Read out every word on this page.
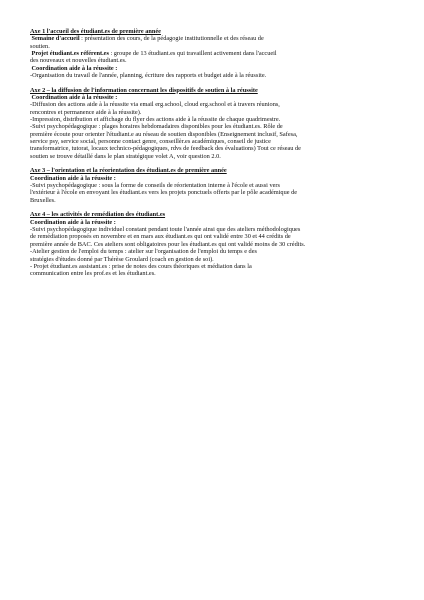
Axe 1 l'accueil des étudiant.es de première année
Semaine d'accueil : présentation des cours, de la pédagogie institutionnelle et des réseau de
soutien.
Projet étudiant.es référent.es : groupe de 13 étudiant.es qui travaillent activement dans l'accueil
des nouveaux et nouvelles étudiant.es.
Coordination aide à la réussite :
-Organisation du travail de l'année, planning, écriture des rapports et budget aide à la réussite.
Axe 2 – la diffusion de l'information concernant les dispositifs de soutien à la réussite
Coordination aide à la réussite :
-Diffusion des actions aide à la réussite via email erg.school, cloud erg.school et à travers réunions,
rencontres et permanence aide à la réussite).
-Impression, distribution et affichage du flyer des actions aide à la réussite de chaque quadrimestre.
-Suivi psychopédagogique : plages horaires hebdomadaires disponibles pour les étudiant.es. Rôle de
première écoute pour orienter l'étudiant.e au réseau de soutien disponibles (Enseignement inclusif, Safesa,
service psy, service social, personne contact genre, conseillèr.es académiques, conseil de justice
transformatrice, tutorat, locaux technico-pédagogiques, rdvs de feedback des évaluations) Tout ce réseau de
soutien se trouve détaillé dans le plan stratégique volet A, voir question 2.0.
Axe 3 – l'orientation et la réorientation des étudiant.es de première année
Coordination aide à la réussite :
-Suivi psychopédagogique : sous la forme de conseils de réorientation interne à l'école et aussi vers
l'extérieur à l'école en envoyant les étudiant.es vers les projets ponctuels offerts par le pôle académique de
Bruxelles.
Axe 4 – les activités de remédiation des étudiant.es
Coordination aide à la réussite :
-Suivi psychopédagogique individuel constant pendant toute l'année ainsi que des ateliers méthodologiques
de remédiation proposés en novembre et en mars aux étudiant.es qui ont validé entre 30 et 44 crédits de
première année de BAC. Ces ateliers sont obligatoires pour les étudiant.es qui ont validé moins de 30 crédits.
-Atelier gestion de l'emploi du temps : atelier sur l'organisation de l'emploi du temps e des
stratégies d'études donné par Thérèse Groulard (coach en gestion de soi).
- Projet étudiant.es assistant.es : prise de notes des cours théoriques et médiation dans la
communication entre les prof.es et les étudiant.es.
